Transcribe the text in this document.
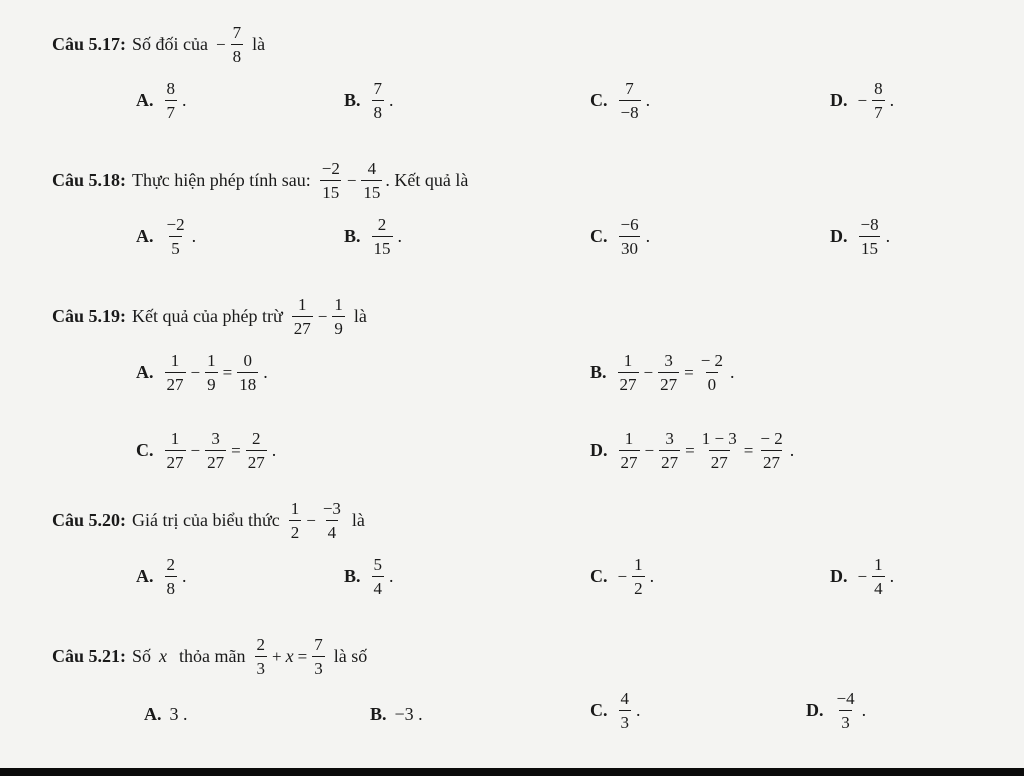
Câu 5.17: Số đối của − $\frac{7}{8}$ là
A. $\frac{8}{7}$ .	B. $\frac{7}{8}$ .	C. $\frac{7}{-8}$ .	D. − $\frac{8}{7}$ .
Câu 5.18: Thực hiện phép tính sau: $\frac{-2}{15} - \frac{4}{15}$ . Kết quả là
A. $\frac{-2}{5}$ .	B. $\frac{2}{15}$ .	C. $\frac{-6}{30}$ .	D. $\frac{-8}{15}$ .
Câu 5.19: Kết quả của phép trừ $\frac{1}{27} - \frac{1}{9}$ là
A. $\frac{1}{27} - \frac{1}{9} = \frac{0}{18}$ .	B. $\frac{1}{27} - \frac{3}{27} = \frac{- 2}{0}$ .
C. $\frac{1}{27} - \frac{3}{27} = \frac{2}{27}$ .	D. $\frac{1}{27} - \frac{3}{27} = \frac{1 - 3}{27} = \frac{- 2}{27}$ .
Câu 5.20: Giá trị của biểu thức $\frac{1}{2} - \frac{-3}{4}$ là
A. $\frac{2}{8}$ .	B. $\frac{5}{4}$ .	C. − $\frac{1}{2}$ .	D. − $\frac{1}{4}$ .
Câu 5.21: Số x thỏa mãn $\frac{2}{3} + x = \frac{7}{3}$ là số
A. 3 .	B. −3 .	C. $\frac{4}{3}$ .	D. $\frac{-4}{3}$ .
